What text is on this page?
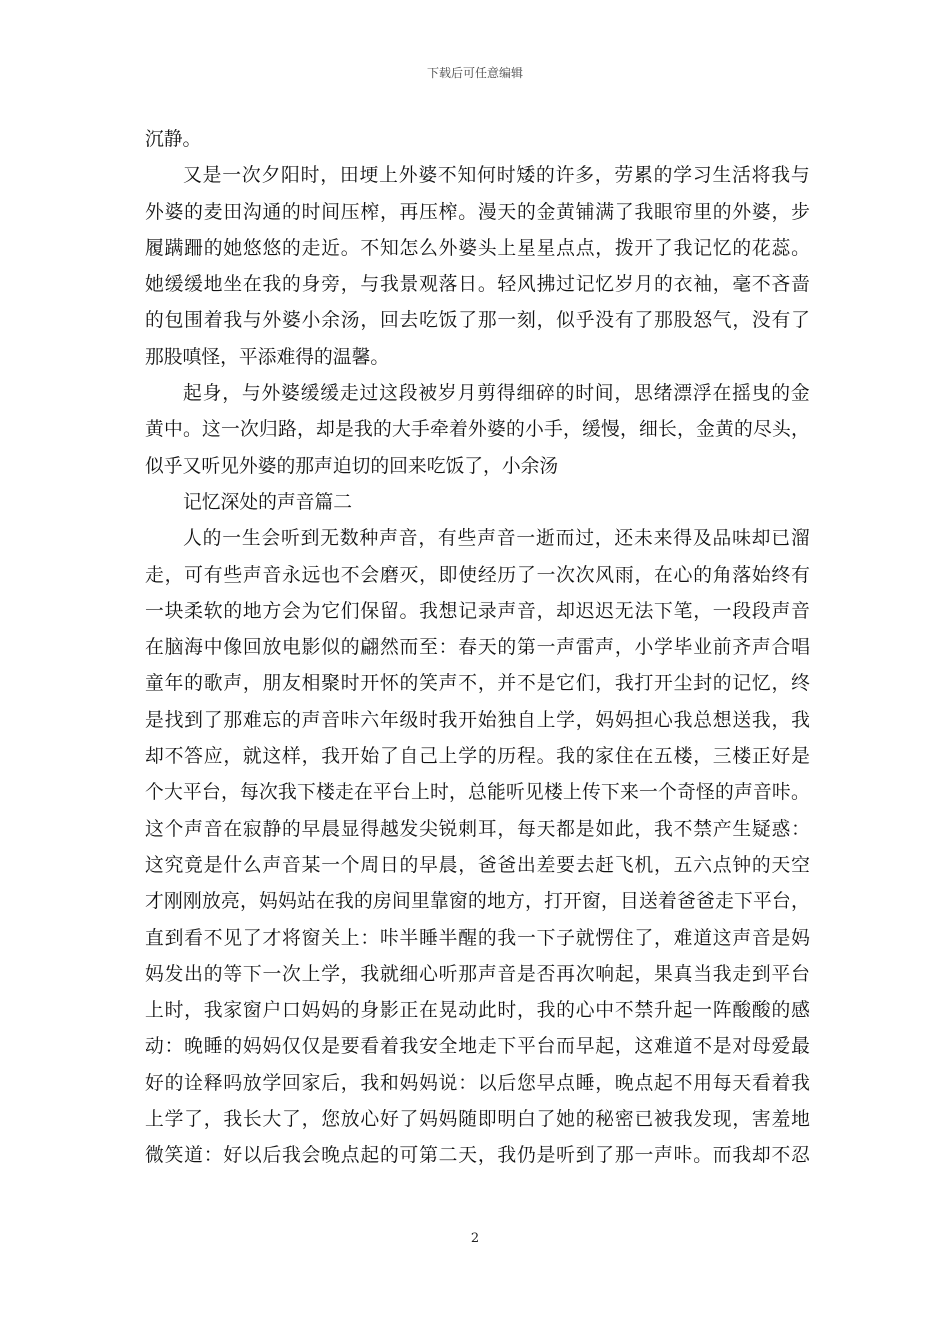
下载后可任意编辑
沉静。
又 是 一 次 夕 阳 时 ， 田 埂 上 外 婆 不 知 何 时 矮 的 许 多 ， 劳 累 的 学 习 生 活 将 我 与
外 婆 的 麦 田 沟 通 的 时 间 压 榨 ， 再 压 榨 。 漫 天 的 金 黄 铺 满 了 我 眼 帘 里 的 外 婆 ， 步
履 蹒 跚 的 她 悠 悠 的 走 近 。 不 知 怎 么 外 婆 头 上 星 星 点 点 ， 拨 开 了 我 记 忆 的 花 蕊 。
她 缓 缓 地 坐 在 我 的 身 旁 ， 与 我 景 观 落 日 。 轻 风 拂 过 记 忆 岁 月 的 衣 袖 ， 毫 不 吝 啬
的 包 围 着 我 与 外 婆 小 余 汤 ， 回 去 吃 饭 了 那 一 刻 ， 似 乎 没 有 了 那 股 怒 气 ， 没 有 了
那股嗔怪，平添难得的温馨。
起 身 ， 与 外 婆 缓 缓 走 过 这 段 被 岁 月 剪 得 细 碎 的 时 间 ， 思 绪 漂 浮 在 摇 曳 的 金
黄 中 。 这 一 次 归 路 ， 却 是 我 的 大 手 牵 着 外 婆 的 小 手 ， 缓 慢 ， 细 长 ， 金 黄 的 尽 头 ，
似乎又听见外婆的那声迫切的回来吃饭了，小余汤
记忆深处的声音篇二
人 的 一 生 会 听 到 无 数 种 声 音 ， 有 些 声 音 一 逝 而 过 ， 还 未 来 得 及 品 味 却 已 溜
走 ， 可 有 些 声 音 永 远 也 不 会 磨 灭 ， 即 使 经 历 了 一 次 次 风 雨 ， 在 心 的 角 落 始 终 有
一 块 柔 软 的 地 方 会 为 它 们 保 留 。 我 想 记 录 声 音 ， 却 迟 迟 无 法 下 笔 ， 一 段 段 声 音
在 脑 海 中 像 回 放 电 影 似 的 翩 然 而 至 ： 春 天 的 第 一 声 雷 声 ， 小 学 毕 业 前 齐 声 合 唱
童 年 的 歌 声 ， 朋 友 相 聚 时 开 怀 的 笑 声 不 ， 并 不 是 它 们 ， 我 打 开 尘 封 的 记 忆 ， 终
是 找 到 了 那 难 忘 的 声 音 咔 六 年 级 时 我 开 始 独 自 上 学 ， 妈 妈 担 心 我 总 想 送 我 ， 我
却 不 答 应 ， 就 这 样 ， 我 开 始 了 自 己 上 学 的 历 程 。 我 的 家 住 在 五 楼 ， 三 楼 正 好 是
个 大 平 台 ， 每 次 我 下 楼 走 在 平 台 上 时 ， 总 能 听 见 楼 上 传 下 来 一 个 奇 怪 的 声 音 咔 。
这 个 声 音 在 寂 静 的 早 晨 显 得 越 发 尖 锐 刺 耳 ， 每 天 都 是 如 此 ， 我 不 禁 产 生 疑 惑 ：
这 究 竟 是 什 么 声 音 某 一 个 周 日 的 早 晨 ， 爸 爸 出 差 要 去 赶 飞 机 ， 五 六 点 钟 的 天 空
才 刚 刚 放 亮 ， 妈 妈 站 在 我 的 房 间 里 靠 窗 的 地 方 ， 打 开 窗 ， 目 送 着 爸 爸 走 下 平 台 ，
直 到 看 不 见 了 才 将 窗 关 上 ： 咔 半 睡 半 醒 的 我 一 下 子 就 愣 住 了 ， 难 道 这 声 音 是 妈
妈 发 出 的 等 下 一 次 上 学 ， 我 就 细 心 听 那 声 音 是 否 再 次 响 起 ， 果 真 当 我 走 到 平 台
上 时 ， 我 家 窗 户 口 妈 妈 的 身 影 正 在 晃 动 此 时 ， 我 的 心 中 不 禁 升 起 一 阵 酸 酸 的 感
动 ： 晚 睡 的 妈 妈 仅 仅 是 要 看 着 我 安 全 地 走 下 平 台 而 早 起 ， 这 难 道 不 是 对 母 爱 最
好 的 诠 释 吗 放 学 回 家 后 ， 我 和 妈 妈 说 ： 以 后 您 早 点 睡 ， 晚 点 起 不 用 每 天 看 着 我
上 学 了 ， 我 长 大 了 ， 您 放 心 好 了 妈 妈 随 即 明 白 了 她 的 秘 密 已 被 我 发 现 ， 害 羞 地
微 笑 道 ： 好 以 后 我 会 晚 点 起 的 可 第 二 天 ， 我 仍 是 听 到 了 那 一 声 咔 。 而 我 却 不 忍
2
